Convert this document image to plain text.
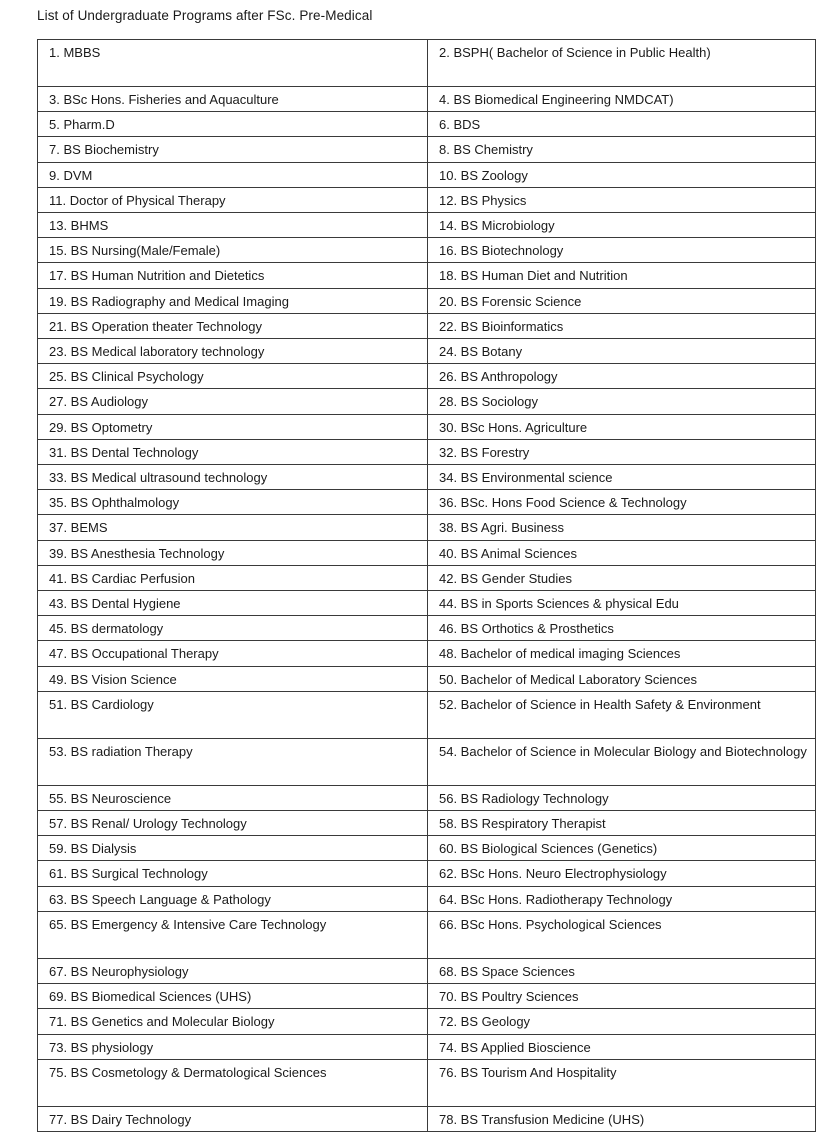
List of Undergraduate Programs after FSc. Pre-Medical
1. MBBS	2. BSPH( Bachelor of Science in Public Health)
3. BSc Hons. Fisheries and Aquaculture	4. BS Biomedical Engineering NMDCAT)
5. Pharm.D	6. BDS
7. BS Biochemistry	8. BS Chemistry
9. DVM	10. BS Zoology
11. Doctor of Physical Therapy	12. BS Physics
13. BHMS	14. BS Microbiology
15. BS Nursing(Male/Female)	16. BS Biotechnology
17. BS Human Nutrition and Dietetics	18. BS Human Diet and Nutrition
19. BS Radiography and Medical Imaging	20. BS Forensic Science
21. BS Operation theater Technology	22. BS Bioinformatics
23. BS Medical laboratory technology	24. BS Botany
25. BS Clinical Psychology	26. BS Anthropology
27. BS Audiology	28. BS Sociology
29. BS Optometry	30. BSc Hons. Agriculture
31. BS Dental Technology	32. BS Forestry
33. BS Medical ultrasound technology	34. BS Environmental science
35. BS Ophthalmology	36. BSc. Hons Food Science & Technology
37. BEMS	38. BS Agri. Business
39. BS Anesthesia Technology	40. BS Animal Sciences
41. BS Cardiac Perfusion	42. BS Gender Studies
43. BS Dental Hygiene	44. BS in Sports Sciences & physical Edu
45. BS dermatology	46. BS Orthotics & Prosthetics
47. BS Occupational Therapy	48. Bachelor of medical imaging Sciences
49. BS Vision Science	50. Bachelor of Medical Laboratory Sciences
51. BS Cardiology	52. Bachelor of Science in Health Safety & Environment
53. BS radiation Therapy	54. Bachelor of Science in Molecular Biology and Biotechnology
55. BS Neuroscience	56. BS Radiology Technology
57. BS Renal/ Urology Technology	58. BS Respiratory Therapist
59. BS Dialysis	60. BS Biological Sciences (Genetics)
61. BS Surgical Technology	62. BSc Hons. Neuro Electrophysiology
63. BS Speech Language & Pathology	64. BSc Hons. Radiotherapy Technology
65. BS Emergency & Intensive Care Technology	66. BSc Hons. Psychological Sciences
67. BS Neurophysiology	68. BS Space Sciences
69. BS Biomedical Sciences (UHS)	70. BS Poultry Sciences
71. BS Genetics and Molecular Biology	72. BS Geology
73. BS physiology	74. BS Applied Bioscience
75. BS Cosmetology & Dermatological Sciences	76. BS Tourism And Hospitality
77. BS Dairy Technology	78. BS Transfusion Medicine (UHS)
